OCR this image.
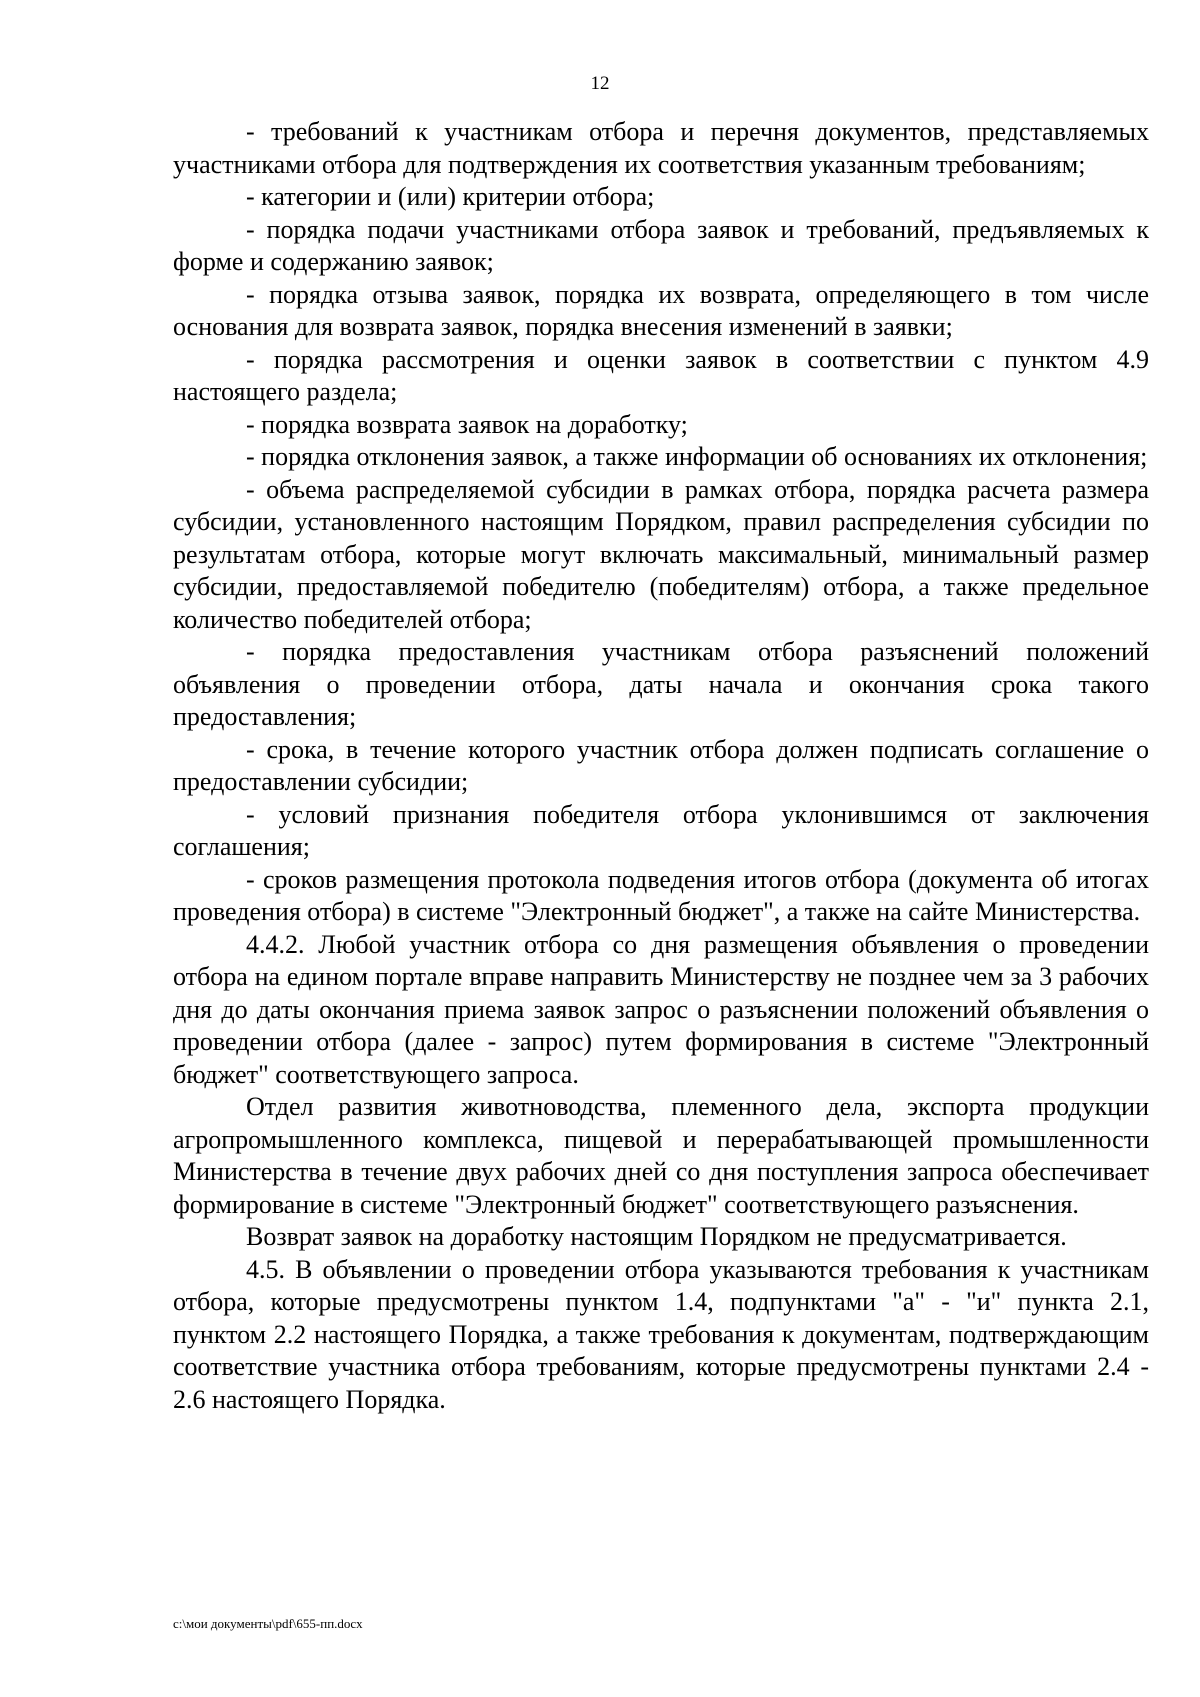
12

- требований к участникам отбора и перечня документов, представляемых участниками отбора для подтверждения их соответствия указанным требованиям;

- категории и (или) критерии отбора;

- порядка подачи участниками отбора заявок и требований, предъявляемых к форме и содержанию заявок;

- порядка отзыва заявок, порядка их возврата, определяющего в том числе основания для возврата заявок, порядка внесения изменений в заявки;

- порядка рассмотрения и оценки заявок в соответствии с пунктом 4.9 настоящего раздела;

- порядка возврата заявок на доработку;

- порядка отклонения заявок, а также информации об основаниях их отклонения;

- объема распределяемой субсидии в рамках отбора, порядка расчета размера субсидии, установленного настоящим Порядком, правил распределения субсидии по результатам отбора, которые могут включать максимальный, минимальный размер субсидии, предоставляемой победителю (победителям) отбора, а также предельное количество победителей отбора;

- порядка предоставления участникам отбора разъяснений положений объявления о проведении отбора, даты начала и окончания срока такого предоставления;

- срока, в течение которого участник отбора должен подписать соглашение о предоставлении субсидии;

- условий признания победителя отбора уклонившимся от заключения соглашения;

- сроков размещения протокола подведения итогов отбора (документа об итогах проведения отбора) в системе "Электронный бюджет", а также на сайте Министерства.

4.4.2. Любой участник отбора со дня размещения объявления о проведении отбора на едином портале вправе направить Министерству не позднее чем за 3 рабочих дня до даты окончания приема заявок запрос о разъяснении положений объявления о проведении отбора (далее - запрос) путем формирования в системе "Электронный бюджет" соответствующего запроса.

Отдел развития животноводства, племенного дела, экспорта продукции агропромышленного комплекса, пищевой и перерабатывающей промышленности Министерства в течение двух рабочих дней со дня поступления запроса обеспечивает формирование в системе "Электронный бюджет" соответствующего разъяснения.

Возврат заявок на доработку настоящим Порядком не предусматривается.

4.5. В объявлении о проведении отбора указываются требования к участникам отбора, которые предусмотрены пунктом 1.4, подпунктами "а" - "и" пункта 2.1, пунктом 2.2 настоящего Порядка, а также требования к документам, подтверждающим соответствие участника отбора требованиям, которые предусмотрены пунктами 2.4 - 2.6 настоящего Порядка.

c:\мои документы\pdf\655-пп.docx
